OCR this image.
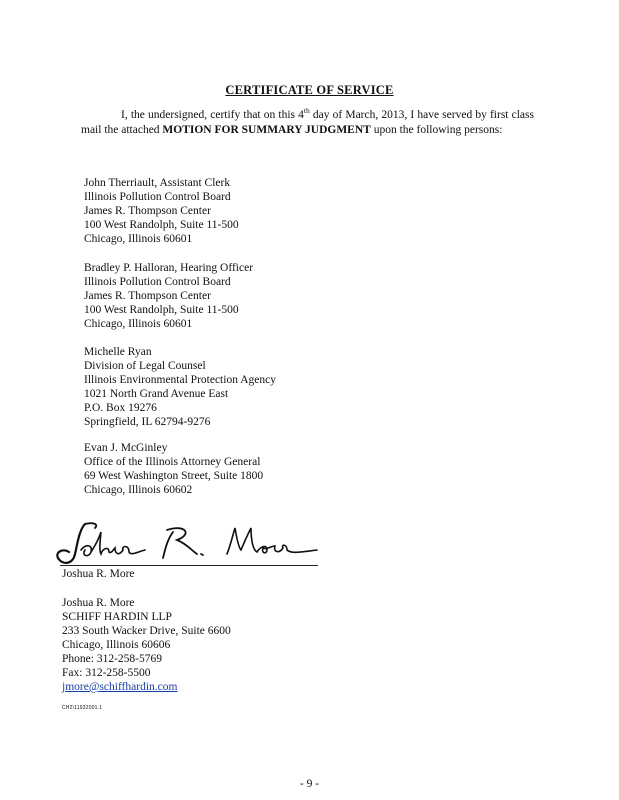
CERTIFICATE OF SERVICE
I, the undersigned, certify that on this 4th day of March, 2013, I have served by first class mail the attached MOTION FOR SUMMARY JUDGMENT upon the following persons:
John Therriault, Assistant Clerk
Illinois Pollution Control Board
James R. Thompson Center
100 West Randolph, Suite 11-500
Chicago, Illinois 60601
Bradley P. Halloran, Hearing Officer
Illinois Pollution Control Board
James R. Thompson Center
100 West Randolph, Suite 11-500
Chicago, Illinois 60601
Michelle Ryan
Division of Legal Counsel
Illinois Environmental Protection Agency
1021 North Grand Avenue East
P.O. Box 19276
Springfield, IL 62794-9276
Evan J. McGinley
Office of the Illinois Attorney General
69 West Washington Street, Suite 1800
Chicago, Illinois 60602
Joshua R. More
Joshua R. More
SCHIFF HARDIN LLP
233 South Wacker Drive, Suite 6600
Chicago, Illinois 60606
Phone: 312-258-5769
Fax: 312-258-5500
jmore@schiffhardin.com
CH2\11932001.1
- 9 -
